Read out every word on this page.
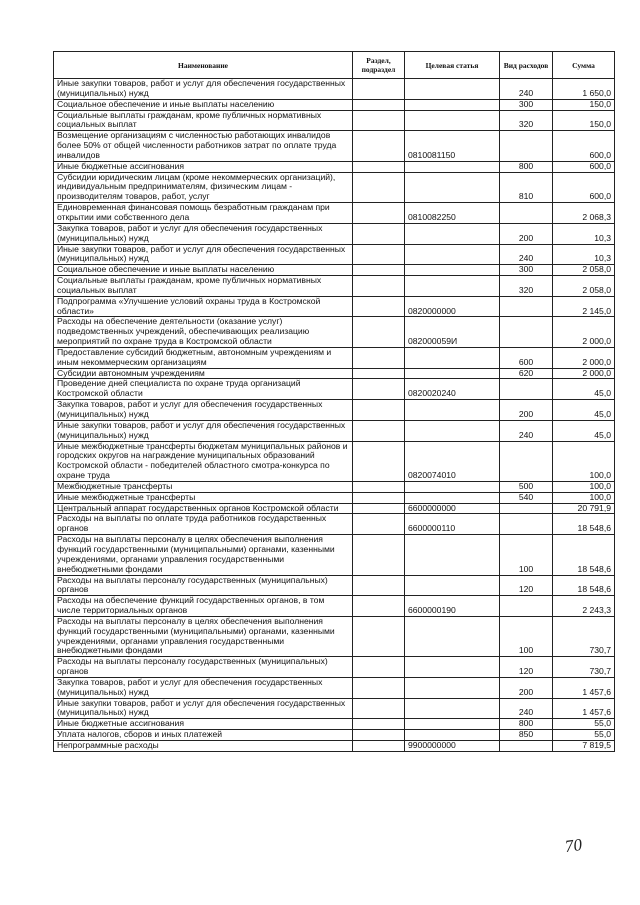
Наименование	Раздел, подраздел	Целевая статья	Вид расходов	Сумма
Иные закупки товаров, работ и услуг для обеспечения государственных (муниципальных) нужд			240	1 650,0
Социальное обеспечение и иные выплаты населению			300	150,0
Социальные выплаты гражданам, кроме публичных нормативных социальных выплат			320	150,0
Возмещение организациям с численностью работающих инвалидов более 50% от общей численности работников затрат по оплате труда инвалидов		0810081150		600,0
Иные бюджетные ассигнования			800	600,0
Субсидии юридическим лицам (кроме некоммерческих организаций), индивидуальным предпринимателям, физическим лицам - производителям товаров, работ, услуг			810	600,0
Единовременная финансовая помощь безработным гражданам при открытии ими собственного дела		0810082250		2 068,3
Закупка товаров, работ и услуг для обеспечения государственных (муниципальных) нужд			200	10,3
Иные закупки товаров, работ и услуг для обеспечения государственных (муниципальных) нужд			240	10,3
Социальное обеспечение и иные выплаты населению			300	2 058,0
Социальные выплаты гражданам, кроме публичных нормативных социальных выплат			320	2 058,0
Подпрограмма «Улучшение условий охраны труда в Костромской области»		0820000000		2 145,0
Расходы на обеспечение деятельности (оказание услуг) подведомственных учреждений, обеспечивающих реализацию мероприятий по охране труда в Костромской области		082000059И		2 000,0
Предоставление субсидий бюджетным, автономным учреждениям и иным некоммерческим организациям			600	2 000,0
Субсидии автономным учреждениям			620	2 000,0
Проведение дней специалиста по охране труда организаций Костромской области		0820020240		45,0
Закупка товаров, работ и услуг для обеспечения государственных (муниципальных) нужд			200	45,0
Иные закупки товаров, работ и услуг для обеспечения государственных (муниципальных) нужд			240	45,0
Иные межбюджетные трансферты бюджетам муниципальных районов и городских округов на награждение муниципальных образований Костромской области - победителей областного смотра-конкурса по охране труда		0820074010		100,0
Межбюджетные трансферты			500	100,0
Иные межбюджетные трансферты			540	100,0
Центральный аппарат государственных органов Костромской области		6600000000		20 791,9
Расходы на выплаты по оплате труда работников государственных органов		6600000110		18 548,6
Расходы на выплаты персоналу в целях обеспечения выполнения функций государственными (муниципальными) органами, казенными учреждениями, органами управления государственными внебюджетными фондами			100	18 548,6
Расходы на выплаты персоналу государственных (муниципальных) органов			120	18 548,6
Расходы на обеспечение функций государственных органов, в том числе территориальных органов		6600000190		2 243,3
Расходы на выплаты персоналу в целях обеспечения выполнения функций государственными (муниципальными) органами, казенными учреждениями, органами управления государственными внебюджетными фондами			100	730,7
Расходы на выплаты персоналу государственных (муниципальных) органов			120	730,7
Закупка товаров, работ и услуг для обеспечения государственных (муниципальных) нужд			200	1 457,6
Иные закупки товаров, работ и услуг для обеспечения государственных (муниципальных) нужд			240	1 457,6
Иные бюджетные ассигнования			800	55,0
Уплата налогов, сборов и иных платежей			850	55,0
Непрограммные расходы		9900000000		7 819,5
70
